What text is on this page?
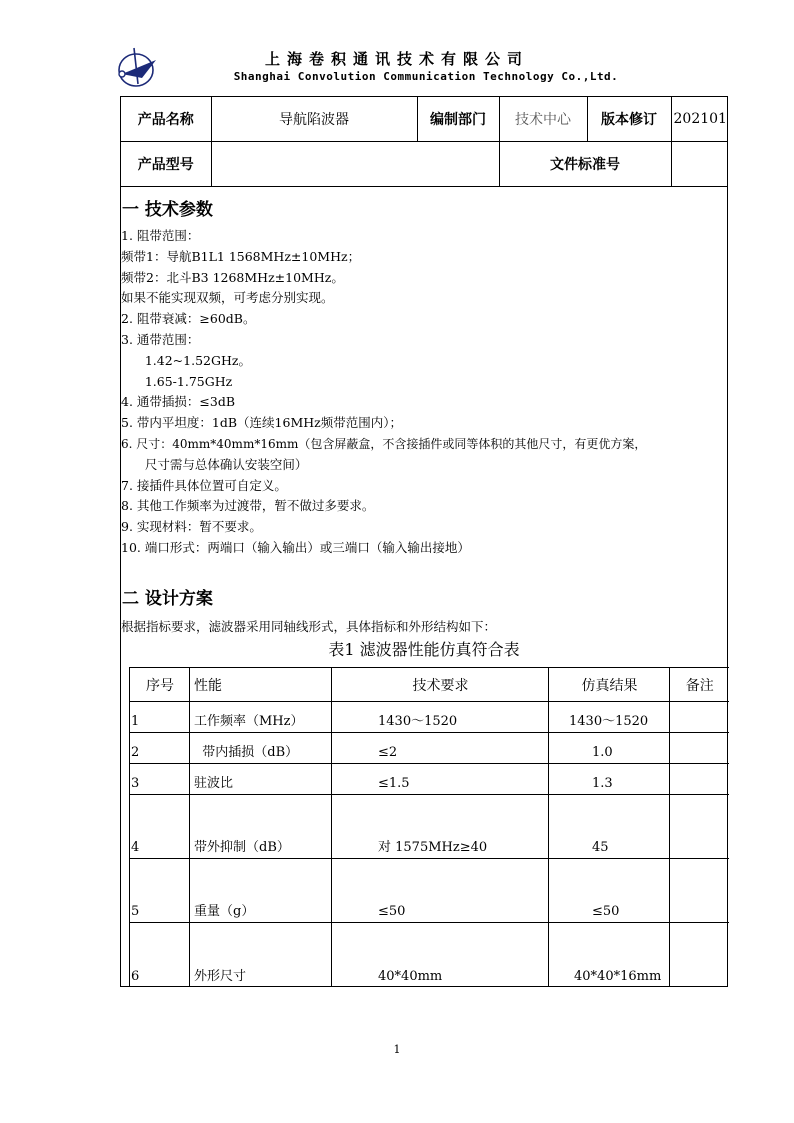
上海卷积通讯技术有限公司
Shanghai Convolution Communication Technology Co.,Ltd.
产品名称	导航陷波器	编制部门	技术中心	版本修订	202101
产品型号			文件标准号		
一 技术参数
1. 阻带范围：
频带1：导航B1L1 1568MHz±10MHz；
频带2：北斗B3 1268MHz±10MHz。
如果不能实现双频，可考虑分别实现。
2. 阻带衰减：≥60dB。
3. 通带范围：
1.42~1.52GHz。
1.65-1.75GHz
4. 通带插损：≤3dB
5. 带内平坦度：1dB（连续16MHz频带范围内）；
6. 尺寸：40mm*40mm*16mm（包含屏蔽盒，不含接插件或同等体积的其他尺寸，有更优方案，
尺寸需与总体确认安装空间）
7. 接插件具体位置可自定义。
8. 其他工作频率为过渡带，暂不做过多要求。
9. 实现材料：暂不要求。
10. 端口形式：两端口（输入输出）或三端口（输入输出接地）
二 设计方案

根据指标要求，滤波器采用同轴线形式，具体指标和外形结构如下：

表1 滤波器性能仿真符合表

序号	性能	技术要求	仿真结果	备注
1	工作频率（MHz）	1430～1520	1430～1520	
2	带内插损（dB）	≤2	1.0	
3	驻波比	≤1.5	1.3	
4	带外抑制（dB）	对 1575MHz≥40	45	
5	重量（g）	≤50	≤50	
6	外形尺寸	40*40mm	40*40*16mm	
1
